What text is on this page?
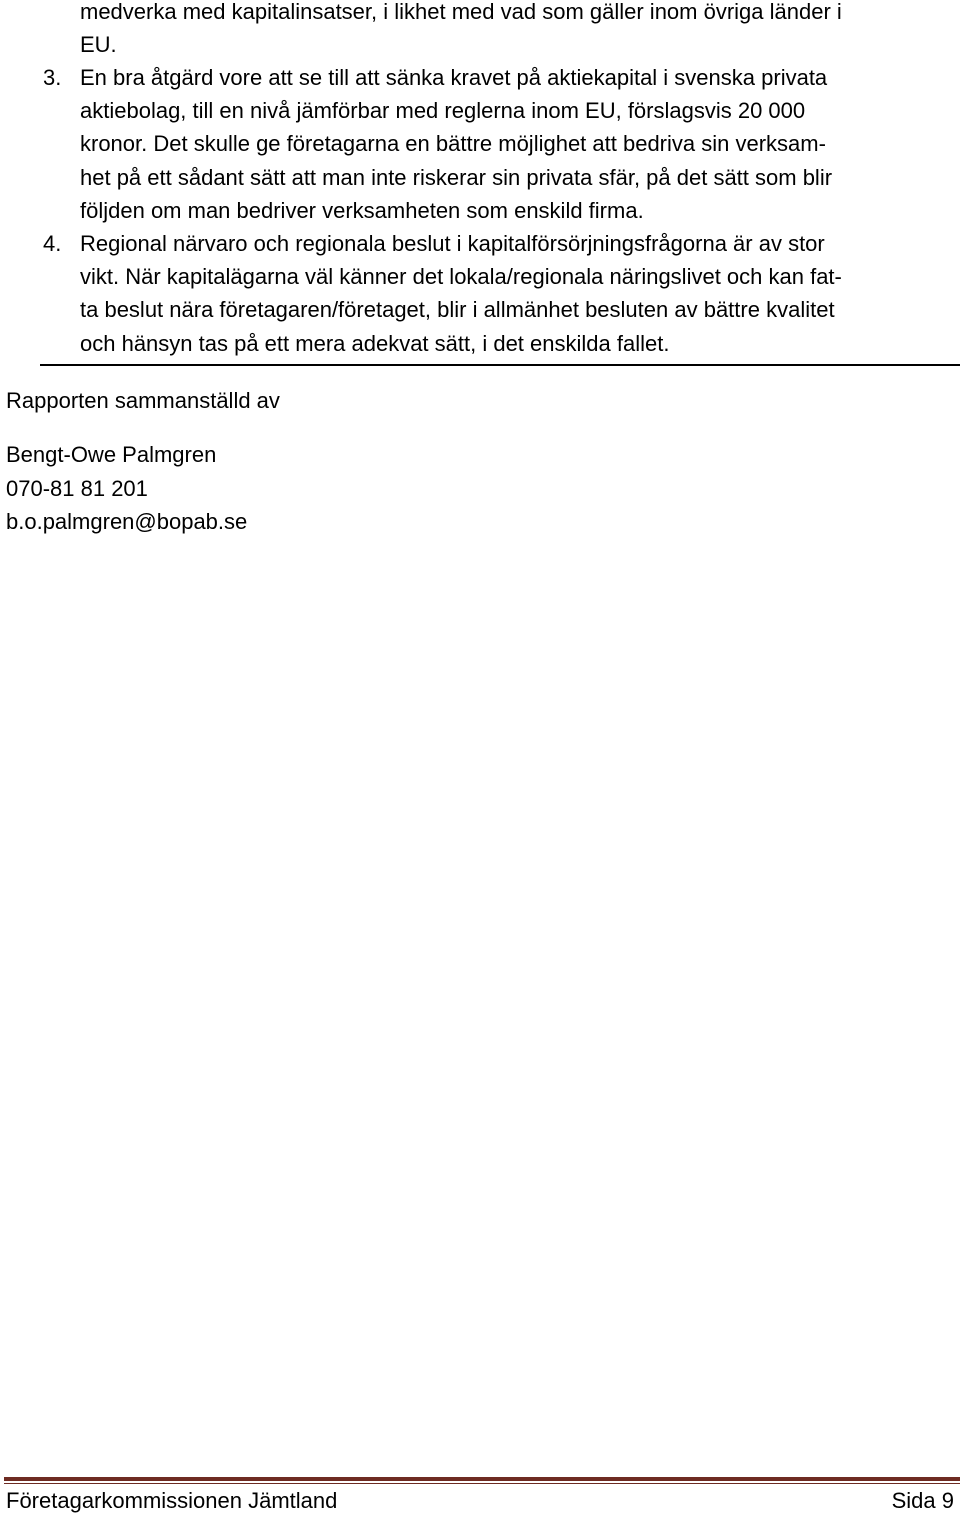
medverka med kapitalinsatser, i likhet med vad som gäller inom övriga länder i
EU.
3. En bra åtgärd vore att se till att sänka kravet på aktiekapital i svenska privata
aktiebolag, till en nivå jämförbar med reglerna inom EU, förslagsvis 20 000
kronor. Det skulle ge företagarna en bättre möjlighet att bedriva sin verksam-
het på ett sådant sätt att man inte riskerar sin privata sfär, på det sätt som blir
följden om man bedriver verksamheten som enskild firma.
4. Regional närvaro och regionala beslut i kapitalförsörjningsfrågorna är av stor
vikt. När kapitalägarna väl känner det lokala/regionala näringslivet och kan fat-
ta beslut nära företagaren/företaget, blir i allmänhet besluten av bättre kvalitet
och hänsyn tas på ett mera adekvat sätt, i det enskilda fallet.
Rapporten sammanställd av
Bengt-Owe Palmgren
070-81 81 201
b.o.palmgren@bopab.se
Företagarkommissionen Jämtland	Sida 9
